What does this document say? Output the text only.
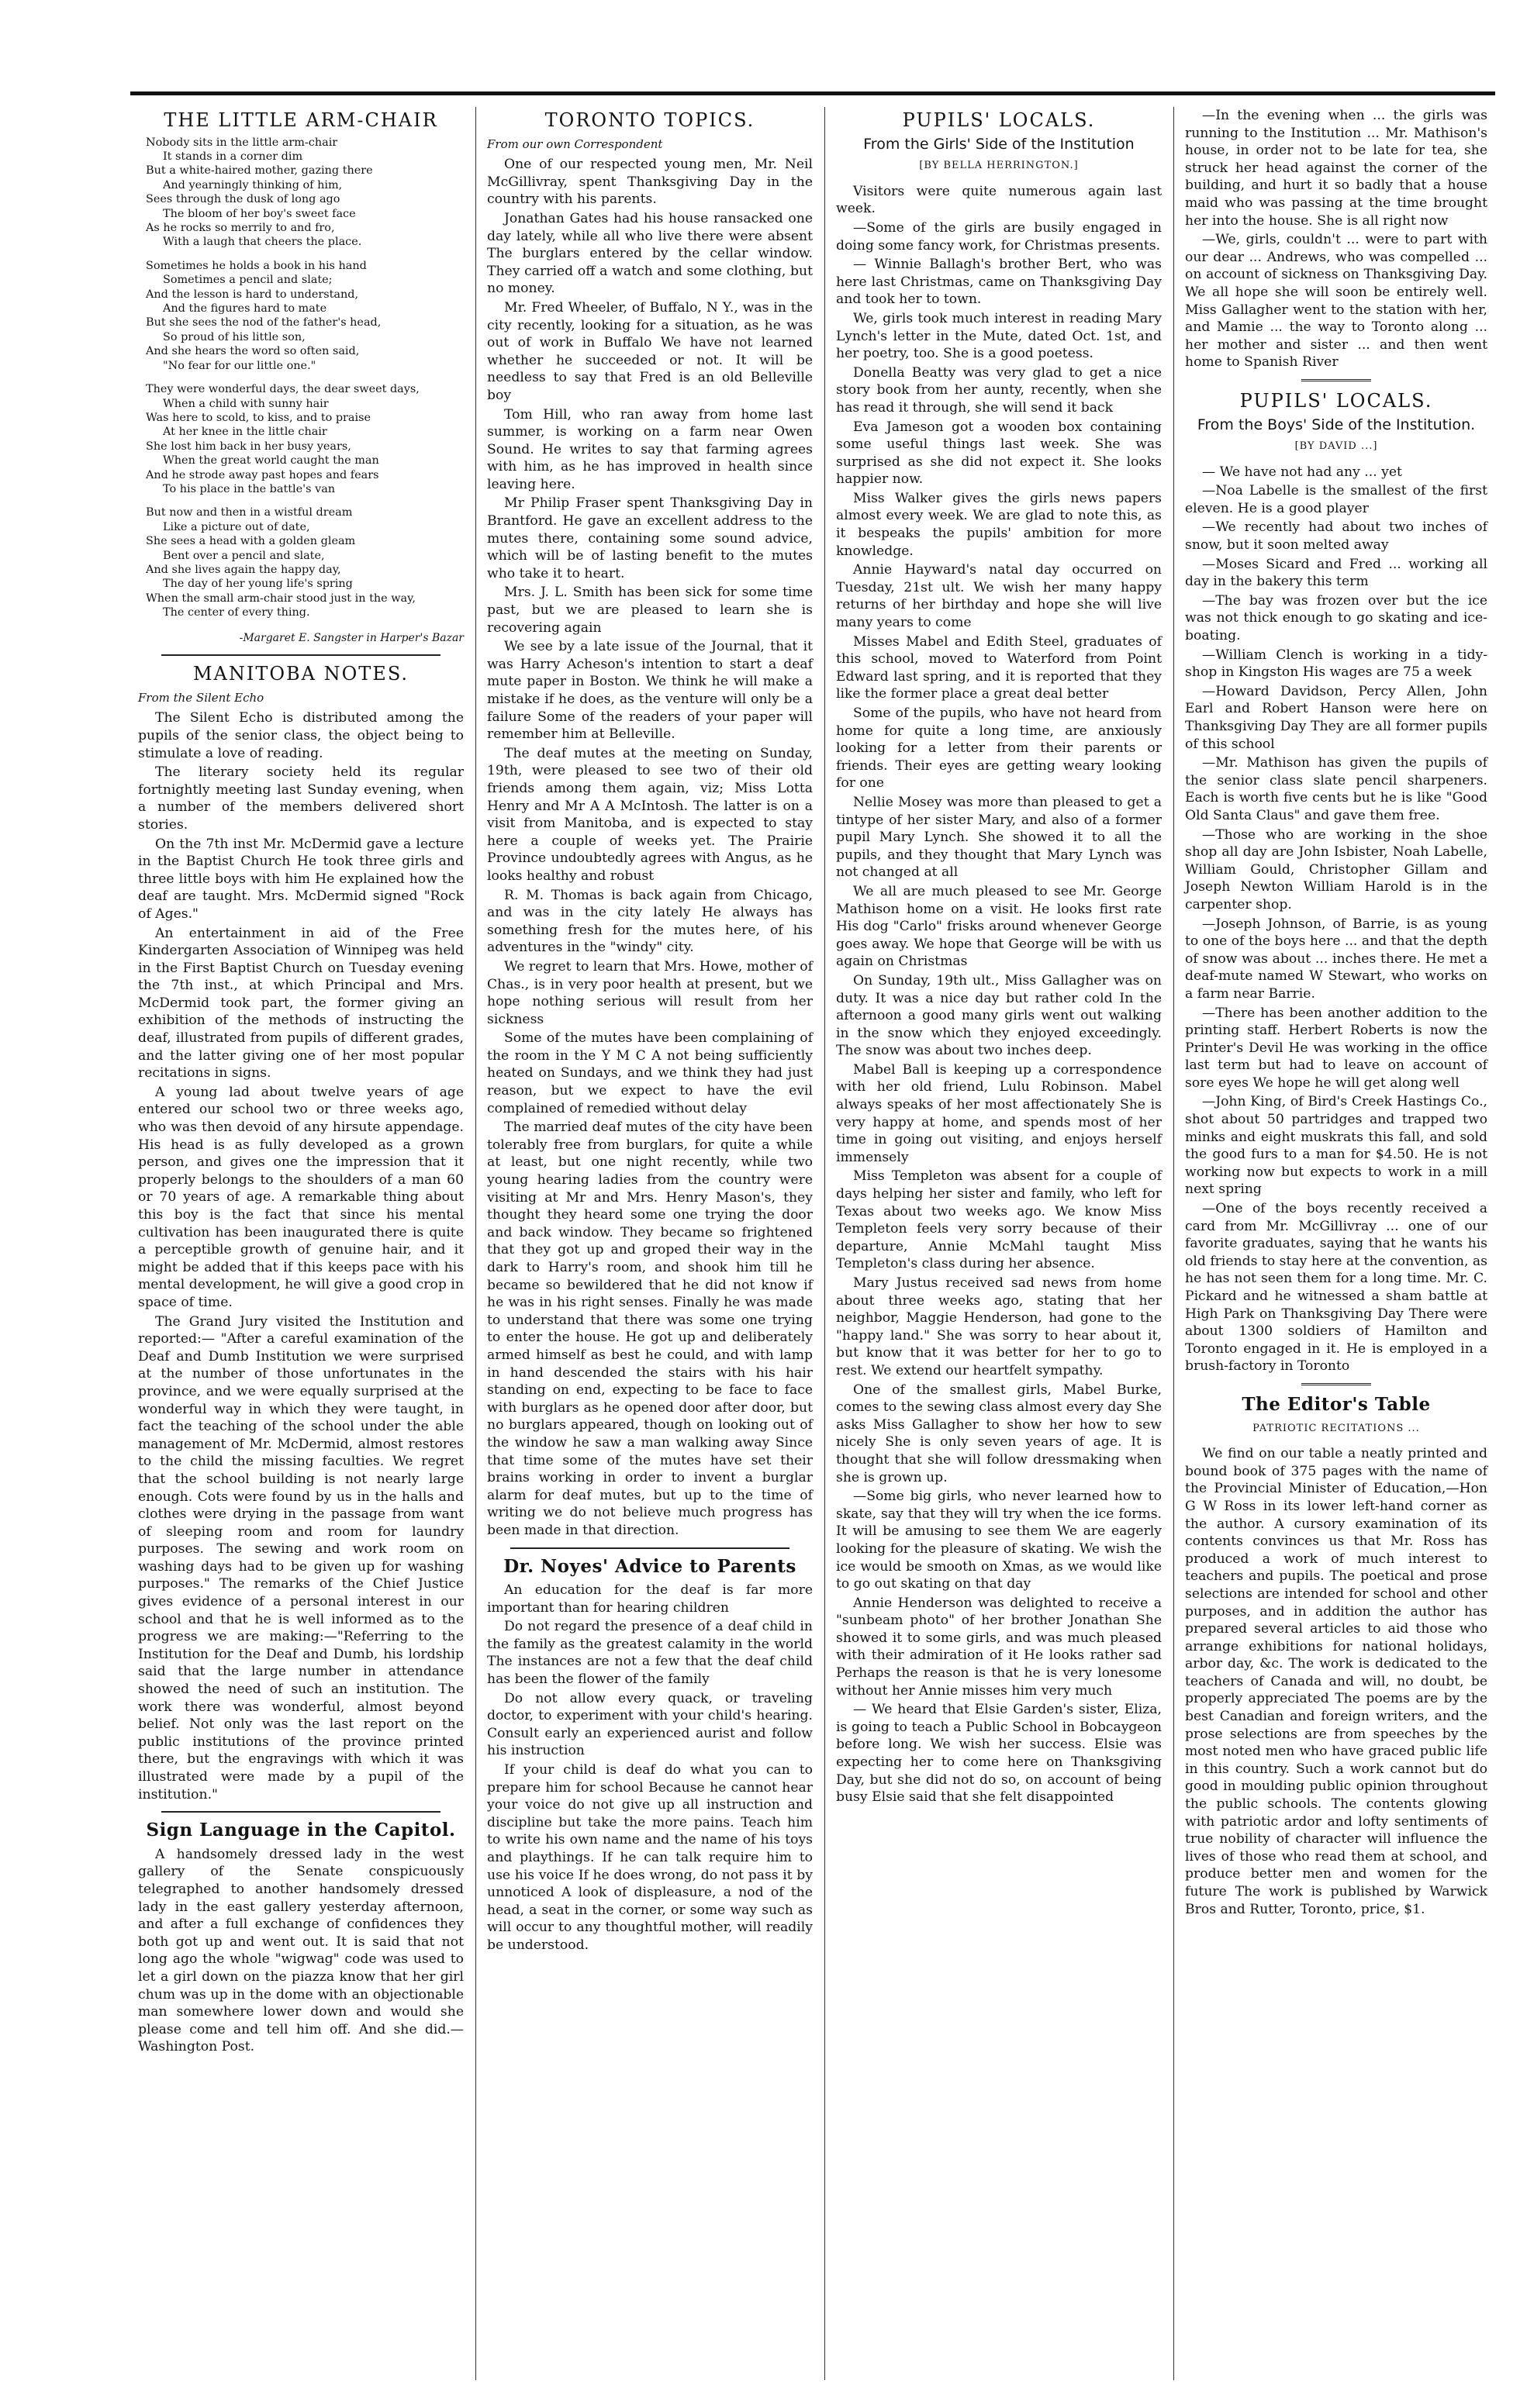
THE LITTLE ARM-CHAIR
Nobody sits in the little arm-chair
It stands in a corner dim
But a white-haired mother, gazing there
And yearningly thinking of him,
Sees through the dusk of long ago
The bloom of her boy's sweet face
As he rocks so merrily to and fro,
With a laugh that cheers the place.
Sometimes he holds a book in his hand
Sometimes a pencil and slate;
And the lesson is hard to understand,
And the figures hard to mate
But she sees the nod of the father's head,
So proud of his little son,
And she hears the word so often said,
"No fear for our little one."
They were wonderful days, the dear sweet days,
When a child with sunny hair
Was here to scold, to kiss, and to praise
At her knee in the little chair
She lost him back in her busy years,
When the great world caught the man
And he strode away past hopes and fears
To his place in the battle's van
But now and then in a wistful dream
Like a picture out of date,
She sees a head with a golden gleam
Bent over a pencil and slate,
And she lives again the happy day,
The day of her young life's spring
When the small arm-chair stood just in the way,
The center of every thing.
-Margaret E. Sangster in Harper's Bazar
MANITOBA NOTES.
From the Silent Echo

The Silent Echo is distributed among the pupils of the senior class, the object being to stimulate a love of reading.

The literary society held its regular fortnightly meeting last Sunday evening, when a number of the members delivered short stories.

On the 7th inst Mr. McDermid gave a lecture in the Baptist Church He took three girls and three little boys with him He explained how the deaf are taught. Mrs. McDermid signed "Rock of Ages."

An entertainment in aid of the Free Kindergarten Association of Winnipeg was held in the First Baptist Church on Tuesday evening the 7th inst., at which Principal and Mrs. McDermid took part, the former giving an exhibition of the methods of instructing the deaf, illustrated from pupils of different grades, and the latter giving one of her most popular recitations in signs.

A young lad about twelve years of age entered our school two or three weeks ago, who was then devoid of any hirsute appendage. His head is as fully developed as a grown person, and gives one the impression that it properly belongs to the shoulders of a man 60 or 70 years of age. A remarkable thing about this boy is the fact that since his mental cultivation has been inaugurated there is quite a perceptible growth of genuine hair, and it might be added that if this keeps pace with his mental development, he will give a good crop in space of time.

The Grand Jury visited the Institution and reported:— "After a careful examination of the Deaf and Dumb Institution we were surprised at the number of those unfortunates in the province, and we were equally surprised at the wonderful way in which they were taught, in fact the teaching of the school under the able management of Mr. McDermid, almost restores to the child the missing faculties. We regret that the school building is not nearly large enough. Cots were found by us in the halls and clothes were drying in the passage from want of sleeping room and room for laundry purposes. The sewing and work room on washing days had to be given up for washing purposes." The remarks of the Chief Justice gives evidence of a personal interest in our school and that he is well informed as to the progress we are making:—"Referring to the Institution for the Deaf and Dumb, his lordship said that the large number in attendance showed the need of such an institution. The work there was wonderful, almost beyond belief. Not only was the last report on the public institutions of the province printed there, but the engravings with which it was illustrated were made by a pupil of the institution."

Sign Language in the Capitol.

A handsomely dressed lady in the west gallery of the Senate conspicuously telegraphed to another handsomely dressed lady in the east gallery yesterday afternoon, and after a full exchange of confidences they both got up and went out. It is said that not long ago the whole "wigwag" code was used to let a girl down on the piazza know that her girl chum was up in the dome with an objectionable man somewhere lower down and would she please come and tell him off. And she did.—Washington Post.

TORONTO TOPICS.
From our own Correspondent

One of our respected young men, Mr. Neil McGillivray, spent Thanksgiving Day in the country with his parents.

Jonathan Gates had his house ransacked one day lately, while all who live there were absent The burglars entered by the cellar window. They carried off a watch and some clothing, but no money.

Mr. Fred Wheeler, of Buffalo, N Y., was in the city recently, looking for a situation, as he was out of work in Buffalo We have not learned whether he succeeded or not. It will be needless to say that Fred is an old Belleville boy

Tom Hill, who ran away from home last summer, is working on a farm near Owen Sound. He writes to say that farming agrees with him, as he has improved in health since leaving here.

Mr Philip Fraser spent Thanksgiving Day in Brantford. He gave an excellent address to the mutes there, containing some sound advice, which will be of lasting benefit to the mutes who take it to heart.

Mrs. J. L. Smith has been sick for some time past, but we are pleased to learn she is recovering again

We see by a late issue of the Journal, that it was Harry Acheson's intention to start a deaf mute paper in Boston. We think he will make a mistake if he does, as the venture will only be a failure Some of the readers of your paper will remember him at Belleville.

The deaf mutes at the meeting on Sunday, 19th, were pleased to see two of their old friends among them again, viz; Miss Lotta Henry and Mr A A McIntosh. The latter is on a visit from Manitoba, and is expected to stay here a couple of weeks yet. The Prairie Province undoubtedly agrees with Angus, as he looks healthy and robust

R. M. Thomas is back again from Chicago, and was in the city lately He always has something fresh for the mutes here, of his adventures in the "windy" city.

We regret to learn that Mrs. Howe, mother of Chas., is in very poor health at present, but we hope nothing serious will result from her sickness

Some of the mutes have been complaining of the room in the Y M C A not being sufficiently heated on Sundays, and we think they had just reason, but we expect to have the evil complained of remedied without delay

The married deaf mutes of the city have been tolerably free from burglars, for quite a while at least, but one night recently, while two young hearing ladies from the country were visiting at Mr and Mrs. Henry Mason's, they thought they heard some one trying the door and back window. They became so frightened that they got up and groped their way in the dark to Harry's room, and shook him till he became so bewildered that he did not know if he was in his right senses. Finally he was made to understand that there was some one trying to enter the house. He got up and deliberately armed himself as best he could, and with lamp in hand descended the stairs with his hair standing on end, expecting to be face to face with burglars as he opened door after door, but no burglars appeared, though on looking out of the window he saw a man walking away Since that time some of the mutes have set their brains working in order to invent a burglar alarm for deaf mutes, but up to the time of writing we do not believe much progress has been made in that direction.

Dr. Noyes' Advice to Parents

An education for the deaf is far more important than for hearing children

Do not regard the presence of a deaf child in the family as the greatest calamity in the world The instances are not a few that the deaf child has been the flower of the family

Do not allow every quack, or traveling doctor, to experiment with your child's hearing. Consult early an experienced aurist and follow his instruction

If your child is deaf do what you can to prepare him for school Because he cannot hear your voice do not give up all instruction and discipline but take the more pains. Teach him to write his own name and the name of his toys and playthings. If he can talk require him to use his voice If he does wrong, do not pass it by unnoticed A look of displeasure, a nod of the head, a seat in the corner, or some way such as will occur to any thoughtful mother, will readily be understood.

PUPILS' LOCALS.
From the Girls' Side of the Institution
[BY BELLA HERRINGTON.]

Visitors were quite numerous again last week.

—Some of the girls are busily engaged in doing some fancy work, for Christmas presents.

— Winnie Ballagh's brother Bert, who was here last Christmas, came on Thanksgiving Day and took her to town.

We, girls took much interest in reading Mary Lynch's letter in the Mute, dated Oct. 1st, and her poetry, too. She is a good poetess.

Donella Beatty was very glad to get a nice story book from her aunty, recently, when she has read it through, she will send it back

Eva Jameson got a wooden box containing some useful things last week. She was surprised as she did not expect it. She looks happier now.

Miss Walker gives the girls news papers almost every week. We are glad to note this, as it bespeaks the pupils' ambition for more knowledge.

Annie Hayward's natal day occurred on Tuesday, 21st ult. We wish her many happy returns of her birthday and hope she will live many years to come

Misses Mabel and Edith Steel, graduates of this school, moved to Waterford from Point Edward last spring, and it is reported that they like the former place a great deal better

Some of the pupils, who have not heard from home for quite a long time, are anxiously looking for a letter from their parents or friends. Their eyes are getting weary looking for one

Nellie Mosey was more than pleased to get a tintype of her sister Mary, and also of a former pupil Mary Lynch. She showed it to all the pupils, and they thought that Mary Lynch was not changed at all

We all are much pleased to see Mr. George Mathison home on a visit. He looks first rate His dog "Carlo" frisks around whenever George goes away. We hope that George will be with us again on Christmas

On Sunday, 19th ult., Miss Gallagher was on duty. It was a nice day but rather cold In the afternoon a good many girls went out walking in the snow which they enjoyed exceedingly. The snow was about two inches deep.

Mabel Ball is keeping up a correspondence with her old friend, Lulu Robinson. Mabel always speaks of her most affectionately She is very happy at home, and spends most of her time in going out visiting, and enjoys herself immensely

Miss Templeton was absent for a couple of days helping her sister and family, who left for Texas about two weeks ago. We know Miss Templeton feels very sorry because of their departure, Annie McMahl taught Miss Templeton's class during her absence.

Mary Justus received sad news from home about three weeks ago, stating that her neighbor, Maggie Henderson, had gone to the "happy land." She was sorry to hear about it, but know that it was better for her to go to rest. We extend our heartfelt sympathy.

One of the smallest girls, Mabel Burke, comes to the sewing class almost every day She asks Miss Gallagher to show her how to sew nicely She is only seven years of age. It is thought that she will follow dressmaking when she is grown up.

—Some big girls, who never learned how to skate, say that they will try when the ice forms. It will be amusing to see them We are eagerly looking for the pleasure of skating. We wish the ice would be smooth on Xmas, as we would like to go out skating on that day

Annie Henderson was delighted to receive a "sunbeam photo" of her brother Jonathan She showed it to some girls, and was much pleased with their admiration of it He looks rather sad Perhaps the reason is that he is very lonesome without her Annie misses him very much

— We heard that Elsie Garden's sister, Eliza, is going to teach a Public School in Bobcaygeon before long. We wish her success. Elsie was expecting her to come here on Thanksgiving Day, but she did not do so, on account of being busy Elsie said that she felt disappointed

—In the evening when ... the girls was running to the Institution ... Mr. Mathison's house, in order not to be late for tea, she struck her head against the corner of the building, and hurt it so badly that a house maid who was passing at the time brought her into the house. She is all right now

—We, girls, couldn't ... were to part with our dear ... Andrews, who was compelled ... on account of sickness on Thanksgiving Day. We all hope she will soon be entirely well. Miss Gallagher went to the station with her, and Mamie ... the way to Toronto along ... her mother and sister ... and then went home to Spanish River

PUPILS' LOCALS.
From the Boys' Side of the Institution.
[BY DAVID ...]

— We have not had any ... yet

—Noa Labelle is the smallest of the first eleven. He is a good player

—We recently had about two inches of snow, but it soon melted away

—Moses Sicard and Fred ... working all day in the bakery this term

—The bay was frozen over but the ice was not thick enough to go skating and ice-boating.

—William Clench is working in a tidy-shop in Kingston His wages are 75 a week

—Howard Davidson, Percy Allen, John Earl and Robert Hanson were here on Thanksgiving Day They are all former pupils of this school

—Mr. Mathison has given the pupils of the senior class slate pencil sharpeners. Each is worth five cents but he is like "Good Old Santa Claus" and gave them free.

—Those who are working in the shoe shop all day are John Isbister, Noah Labelle, William Gould, Christopher Gillam and Joseph Newton William Harold is in the carpenter shop.

—Joseph Johnson, of Barrie, is as young to one of the boys here ... and that the depth of snow was about ... inches there. He met a deaf-mute named W Stewart, who works on a farm near Barrie.

—There has been another addition to the printing staff. Herbert Roberts is now the Printer's Devil He was working in the office last term but had to leave on account of sore eyes We hope he will get along well

—John King, of Bird's Creek Hastings Co., shot about 50 partridges and trapped two minks and eight muskrats this fall, and sold the good furs to a man for $4.50. He is not working now but expects to work in a mill next spring

—One of the boys recently received a card from Mr. McGillivray ... one of our favorite graduates, saying that he wants his old friends to stay here at the convention, as he has not seen them for a long time. Mr. C. Pickard and he witnessed a sham battle at High Park on Thanksgiving Day There were about 1300 soldiers of Hamilton and Toronto engaged in it. He is employed in a brush-factory in Toronto

The Editor's Table
PATRIOTIC RECITATIONS ...

We find on our table a neatly printed and bound book of 375 pages with the name of the Provincial Minister of Education,—Hon G W Ross in its lower left-hand corner as the author. A cursory examination of its contents convinces us that Mr. Ross has produced a work of much interest to teachers and pupils. The poetical and prose selections are intended for school and other purposes, and in addition the author has prepared several articles to aid those who arrange exhibitions for national holidays, arbor day, &c. The work is dedicated to the teachers of Canada and will, no doubt, be properly appreciated The poems are by the best Canadian and foreign writers, and the prose selections are from speeches by the most noted men who have graced public life in this country. Such a work cannot but do good in moulding public opinion throughout the public schools. The contents glowing with patriotic ardor and lofty sentiments of true nobility of character will influence the lives of those who read them at school, and produce better men and women for the future The work is published by Warwick Bros and Rutter, Toronto, price, $1.
